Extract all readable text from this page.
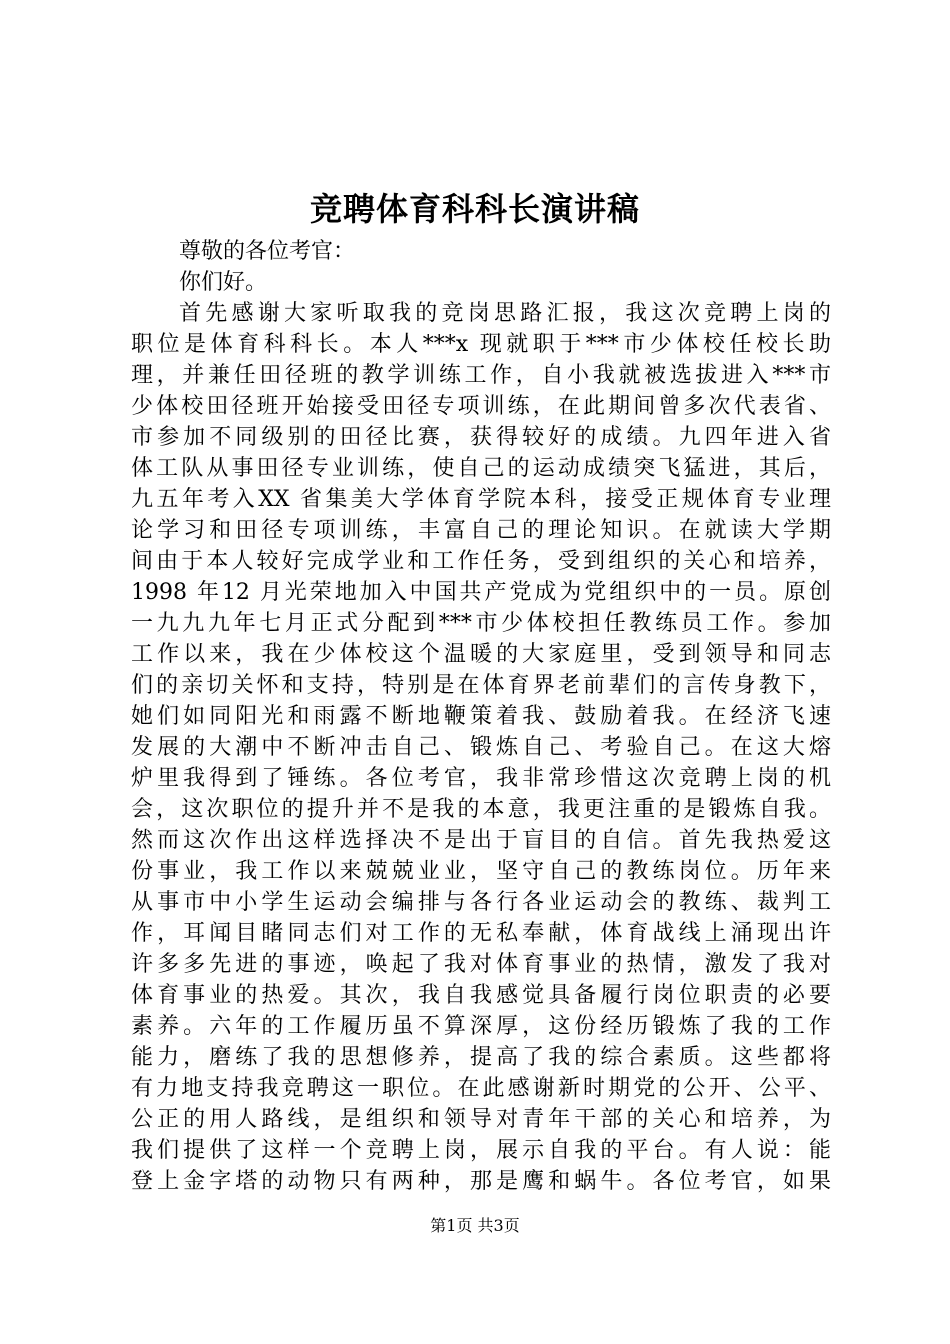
竞聘体育科科长演讲稿
尊敬的各位考官：
你们好。
首先感谢大家听取我的竞岗思路汇报，我这次竞聘上岗的
职位是体育科科长。本人***x 现就职于***市少体校任校长助
理，并兼任田径班的教学训练工作，自小我就被选拔进入***市
少体校田径班开始接受田径专项训练，在此期间曾多次代表省、
市参加不同级别的田径比赛，获得较好的成绩。九四年进入省
体工队从事田径专业训练，使自己的运动成绩突飞猛进，其后，
九五年考入XX 省集美大学体育学院本科，接受正规体育专业理
论学习和田径专项训练，丰富自己的理论知识。在就读大学期
间由于本人较好完成学业和工作任务，受到组织的关心和培养，
1998 年12 月光荣地加入中国共产党成为党组织中的一员。原创
一九九九年七月正式分配到***市少体校担任教练员工作。参加
工作以来，我在少体校这个温暖的大家庭里，受到领导和同志
们的亲切关怀和支持，特别是在体育界老前辈们的言传身教下，
她们如同阳光和雨露不断地鞭策着我、鼓励着我。在经济飞速
发展的大潮中不断冲击自己、锻炼自己、考验自己。在这大熔
炉里我得到了锤练。各位考官，我非常珍惜这次竞聘上岗的机
会，这次职位的提升并不是我的本意，我更注重的是锻炼自我。
然而这次作出这样选择决不是出于盲目的自信。首先我热爱这
份事业，我工作以来兢兢业业，坚守自己的教练岗位。历年来
从事市中小学生运动会编排与各行各业运动会的教练、裁判工
作，耳闻目睹同志们对工作的无私奉献，体育战线上涌现出许
许多多先进的事迹，唤起了我对体育事业的热情，激发了我对
体育事业的热爱。其次，我自我感觉具备履行岗位职责的必要
素养。六年的工作履历虽不算深厚，这份经历锻炼了我的工作
能力，磨练了我的思想修养，提高了我的综合素质。这些都将
有力地支持我竞聘这一职位。在此感谢新时期党的公开、公平、
公正的用人路线，是组织和领导对青年干部的关心和培养，为
我们提供了这样一个竞聘上岗，展示自我的平台。有人说：能
登上金字塔的动物只有两种，那是鹰和蜗牛。各位考官，如果
第1页 共3页
